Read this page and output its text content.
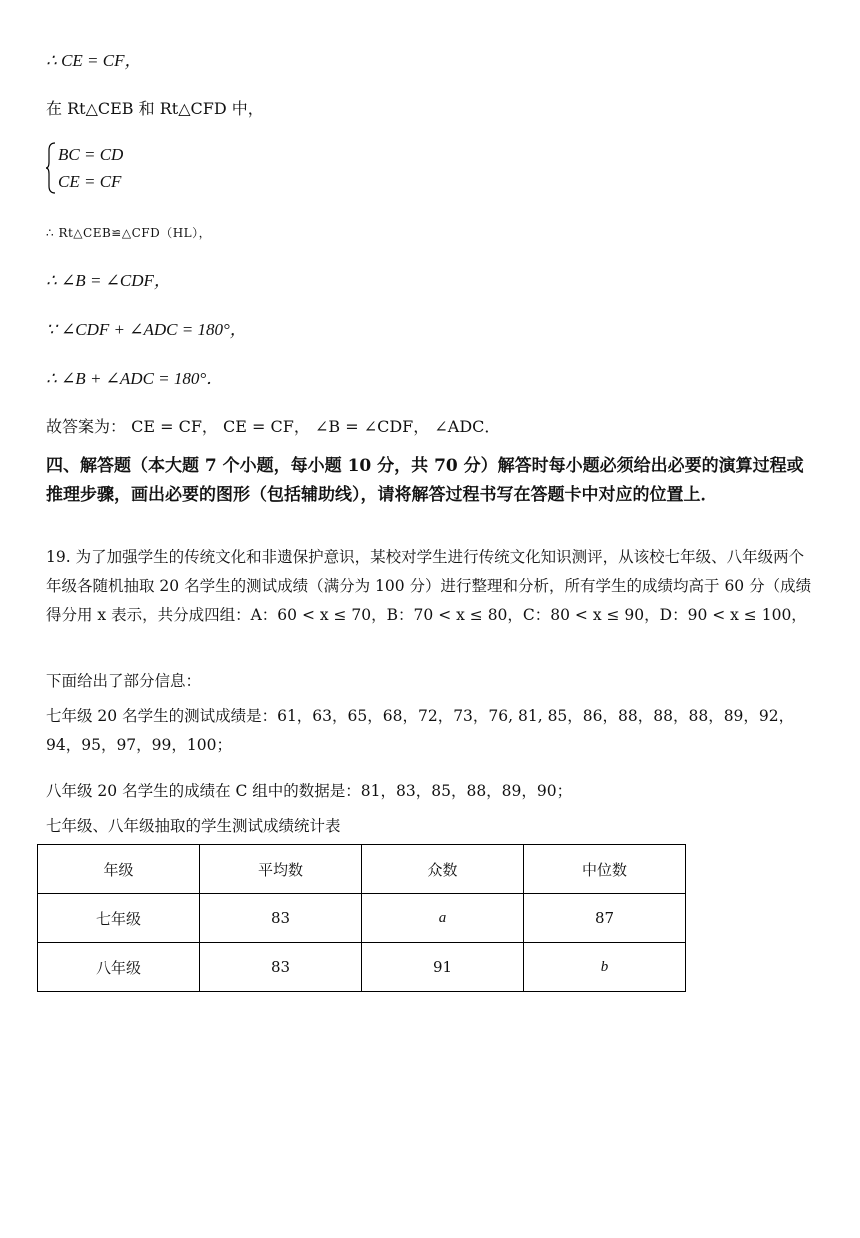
∴ CE = CF，
在 Rt△CEB 和 Rt△CFD 中，
BC = CD
CE = CF
∴ Rt△CEB≌△CFD（HL），
∴ ∠B = ∠CDF，
∵ ∠CDF + ∠ADC = 180°，
∴ ∠B + ∠ADC = 180°．
故答案为： CE = CF， CE = CF， ∠B = ∠CDF， ∠ADC．
四、解答题（本大题 7 个小题，每小题 10 分，共 70 分）解答时每小题必须给出必要的演算过程或推理步骤，画出必要的图形（包括辅助线），请将解答过程书写在答题卡中对应的位置上．
19. 为了加强学生的传统文化和非遗保护意识，某校对学生进行传统文化知识测评，从该校七年级、八年级两个年级各随机抽取 20 名学生的测试成绩（满分为 100 分）进行整理和分析，所有学生的成绩均高于 60 分（成绩得分用 x 表示，共分成四组：A：60 < x ≤ 70，B：70 < x ≤ 80，C：80 < x ≤ 90，D：90 < x ≤ 100，
下面给出了部分信息：
七年级 20 名学生的测试成绩是：61，63，65，68，72，73，76, 81, 85，86，88，88，88，89，92，94，95，97，99，100；
八年级 20 名学生的成绩在 C 组中的数据是：81，83，85，88，89，90；
七年级、八年级抽取的学生测试成绩统计表
年级	平均数	众数	中位数
七年级	83	a	87
八年级	83	91	b
